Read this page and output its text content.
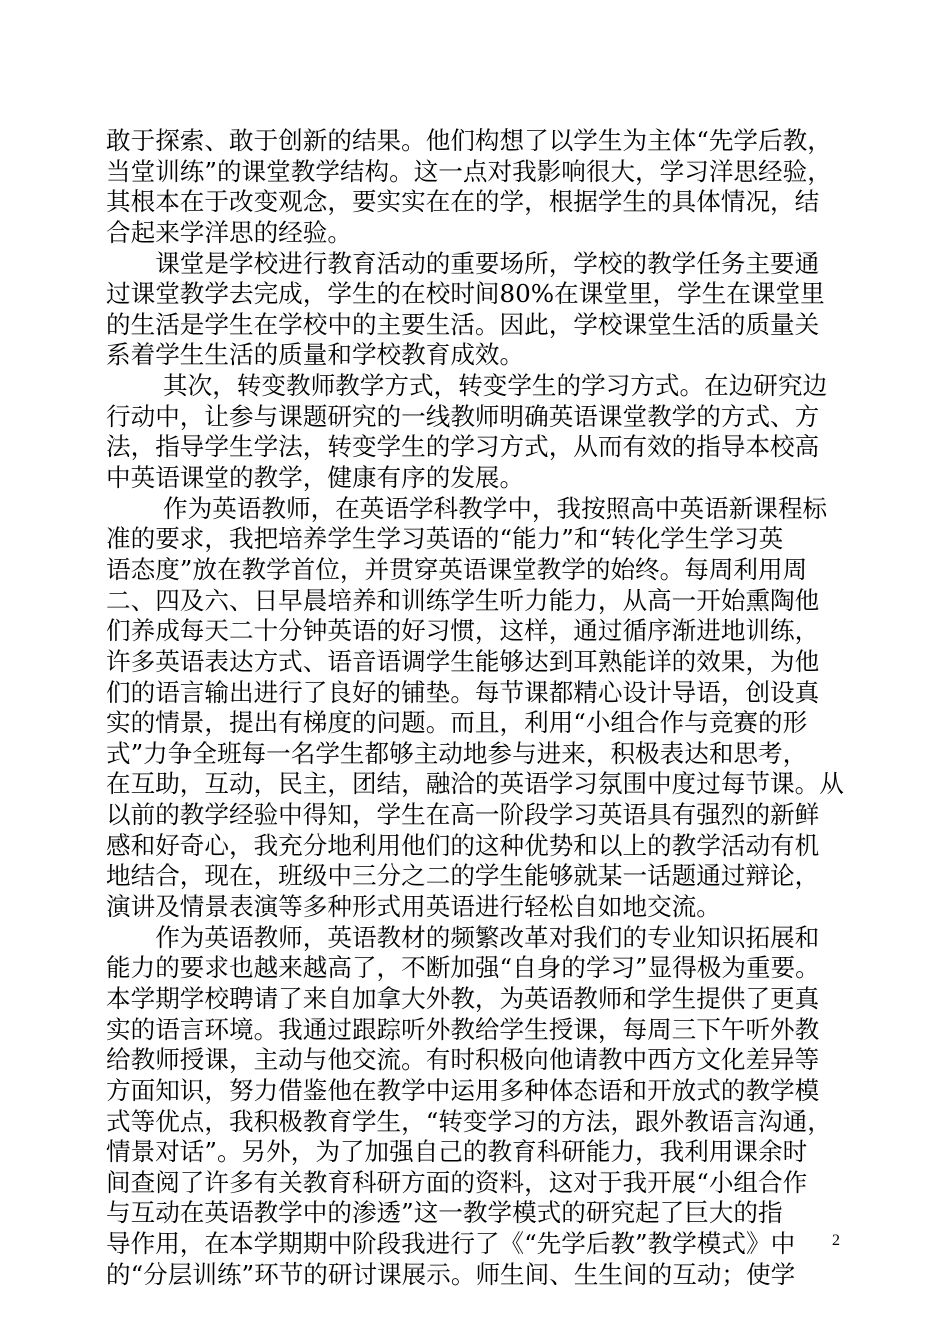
敢于探索、敢于创新的结果。他们构想了以学生为主体“先学后教，
当堂训练”的课堂教学结构。这一点对我影响很大，学习洋思经验，
其根本在于改变观念，要实实在在的学，根据学生的具体情况，结
合起来学洋思的经验。
　　课堂是学校进行教育活动的重要场所，学校的教学任务主要通
过课堂教学去完成，学生的在校时间80%在课堂里，学生在课堂里
的生活是学生在学校中的主要生活。因此，学校课堂生活的质量关
系着学生生活的质量和学校教育成效。
　　 其次，转变教师教学方式，转变学生的学习方式。在边研究边
行动中，让参与课题研究的一线教师明确英语课堂教学的方式、方
法，指导学生学法，转变学生的学习方式，从而有效的指导本校高
中英语课堂的教学，健康有序的发展。
　　 作为英语教师，在英语学科教学中，我按照高中英语新课程标
准的要求，我把培养学生学习英语的“能力”和“转化学生学习英
语态度”放在教学首位，并贯穿英语课堂教学的始终。每周利用周
二、四及六、日早晨培养和训练学生听力能力，从高一开始熏陶他
们养成每天二十分钟英语的好习惯，这样，通过循序渐进地训练，
许多英语表达方式、语音语调学生能够达到耳熟能详的效果，为他
们的语言输出进行了良好的铺垫。每节课都精心设计导语，创设真
实的情景，提出有梯度的问题。而且，利用“小组合作与竞赛的形
式”力争全班每一名学生都够主动地参与进来，积极表达和思考，
在互助，互动，民主，团结，融洽的英语学习氛围中度过每节课。从
以前的教学经验中得知，学生在高一阶段学习英语具有强烈的新鲜
感和好奇心，我充分地利用他们的这种优势和以上的教学活动有机
地结合，现在，班级中三分之二的学生能够就某一话题通过辩论，
演讲及情景表演等多种形式用英语进行轻松自如地交流。
　　作为英语教师，英语教材的频繁改革对我们的专业知识拓展和
能力的要求也越来越高了，不断加强“自身的学习”显得极为重要。
本学期学校聘请了来自加拿大外教，为英语教师和学生提供了更真
实的语言环境。我通过跟踪听外教给学生授课，每周三下午听外教
给教师授课，主动与他交流。有时积极向他请教中西方文化差异等
方面知识，努力借鉴他在教学中运用多种体态语和开放式的教学模
式等优点，我积极教育学生，“转变学习的方法，跟外教语言沟通，
情景对话”。另外，为了加强自己的教育科研能力，我利用课余时
间查阅了许多有关教育科研方面的资料，这对于我开展“小组合作
与互动在英语教学中的渗透”这一教学模式的研究起了巨大的指
导作用，在本学期期中阶段我进行了《“先学后教”教学模式》中
的“分层训练”环节的研讨课展示。师生间、生生间的互动；使学
2
